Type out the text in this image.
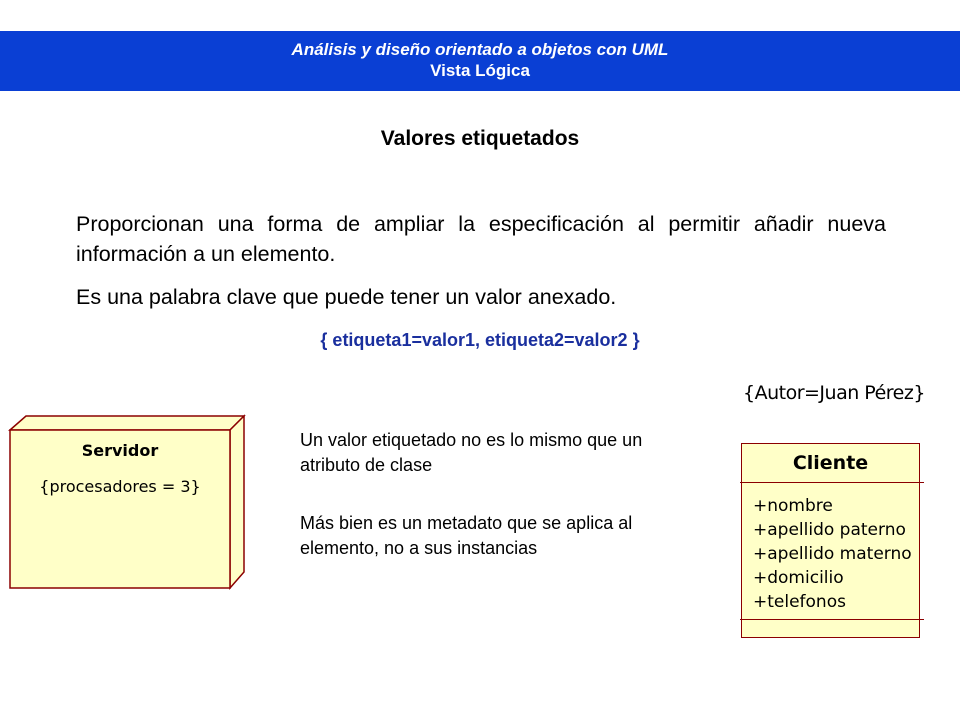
Análisis y diseño orientado a objetos con UML
Vista Lógica
Valores etiquetados
Proporcionan una forma de ampliar la especificación al permitir añadir nueva información a un elemento.
Es una palabra clave que puede tener un valor anexado.
{ etiqueta1=valor1, etiqueta2=valor2 }
Servidor
{procesadores = 3}
Un valor etiquetado no es lo mismo que un atributo de clase
Más bien es un metadato que se aplica al elemento, no a sus instancias
{Autor=Juan Pérez}
Cliente
+nombre
+apellido paterno
+apellido materno
+domicilio
+telefonos
